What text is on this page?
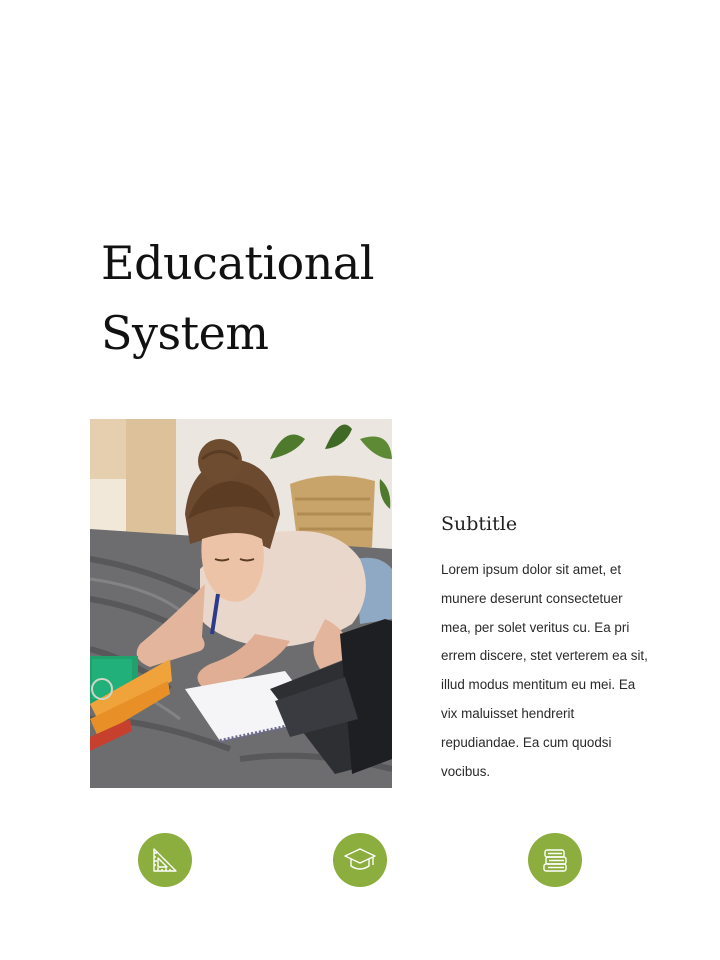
Educational
System
Subtitle

Lorem ipsum dolor sit amet, et munere deserunt consectetuer mea, per solet veritus cu. Ea pri errem discere, stet verterem ea sit, illud modus mentitum eu mei. Ea vix maluisset hendrerit repudiandae. Ea cum quodsi vocibus.
